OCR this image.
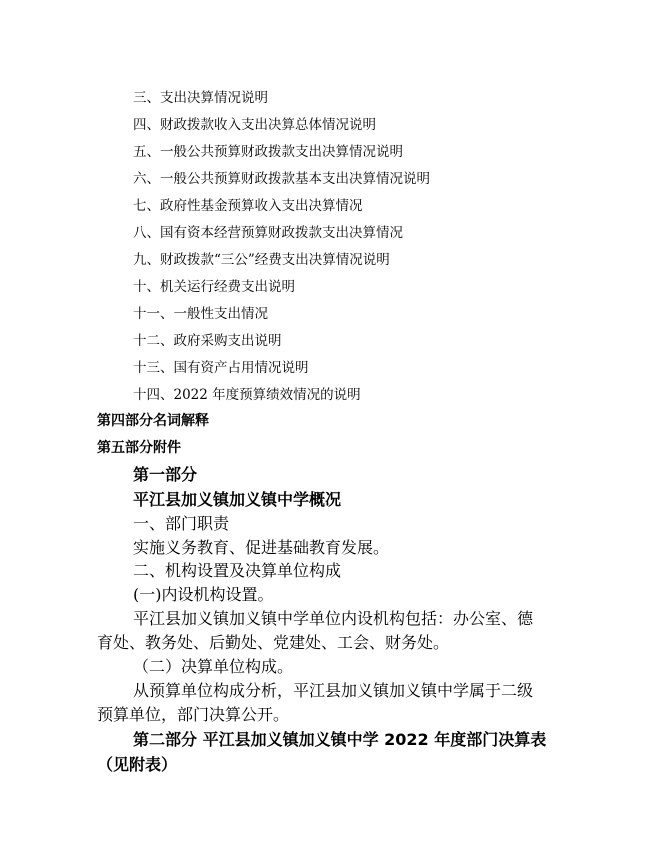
三、支出决算情况说明
四、财政拨款收入支出决算总体情况说明
五、一般公共预算财政拨款支出决算情况说明
六、一般公共预算财政拨款基本支出决算情况说明
七、政府性基金预算收入支出决算情况
八、国有资本经营预算财政拨款支出决算情况
九、财政拨款“三公”经费支出决算情况说明
十、机关运行经费支出说明
十一、一般性支出情况
十二、政府采购支出说明
十三、国有资产占用情况说明
十四、2022 年度预算绩效情况的说明
第四部分名词解释
第五部分附件
第一部分
平江县加义镇加义镇中学概况
一、部门职责
实施义务教育、促进基础教育发展。
二、机构设置及决算单位构成
(一)内设机构设置。
平江县加义镇加义镇中学单位内设机构包括：办公室、德
育处、教务处、后勤处、党建处、工会、财务处。
（二）决算单位构成。
从预算单位构成分析，平江县加义镇加义镇中学属于二级
预算单位，部门决算公开。
第二部分 平江县加义镇加义镇中学 2022 年度部门决算表
（见附表）
